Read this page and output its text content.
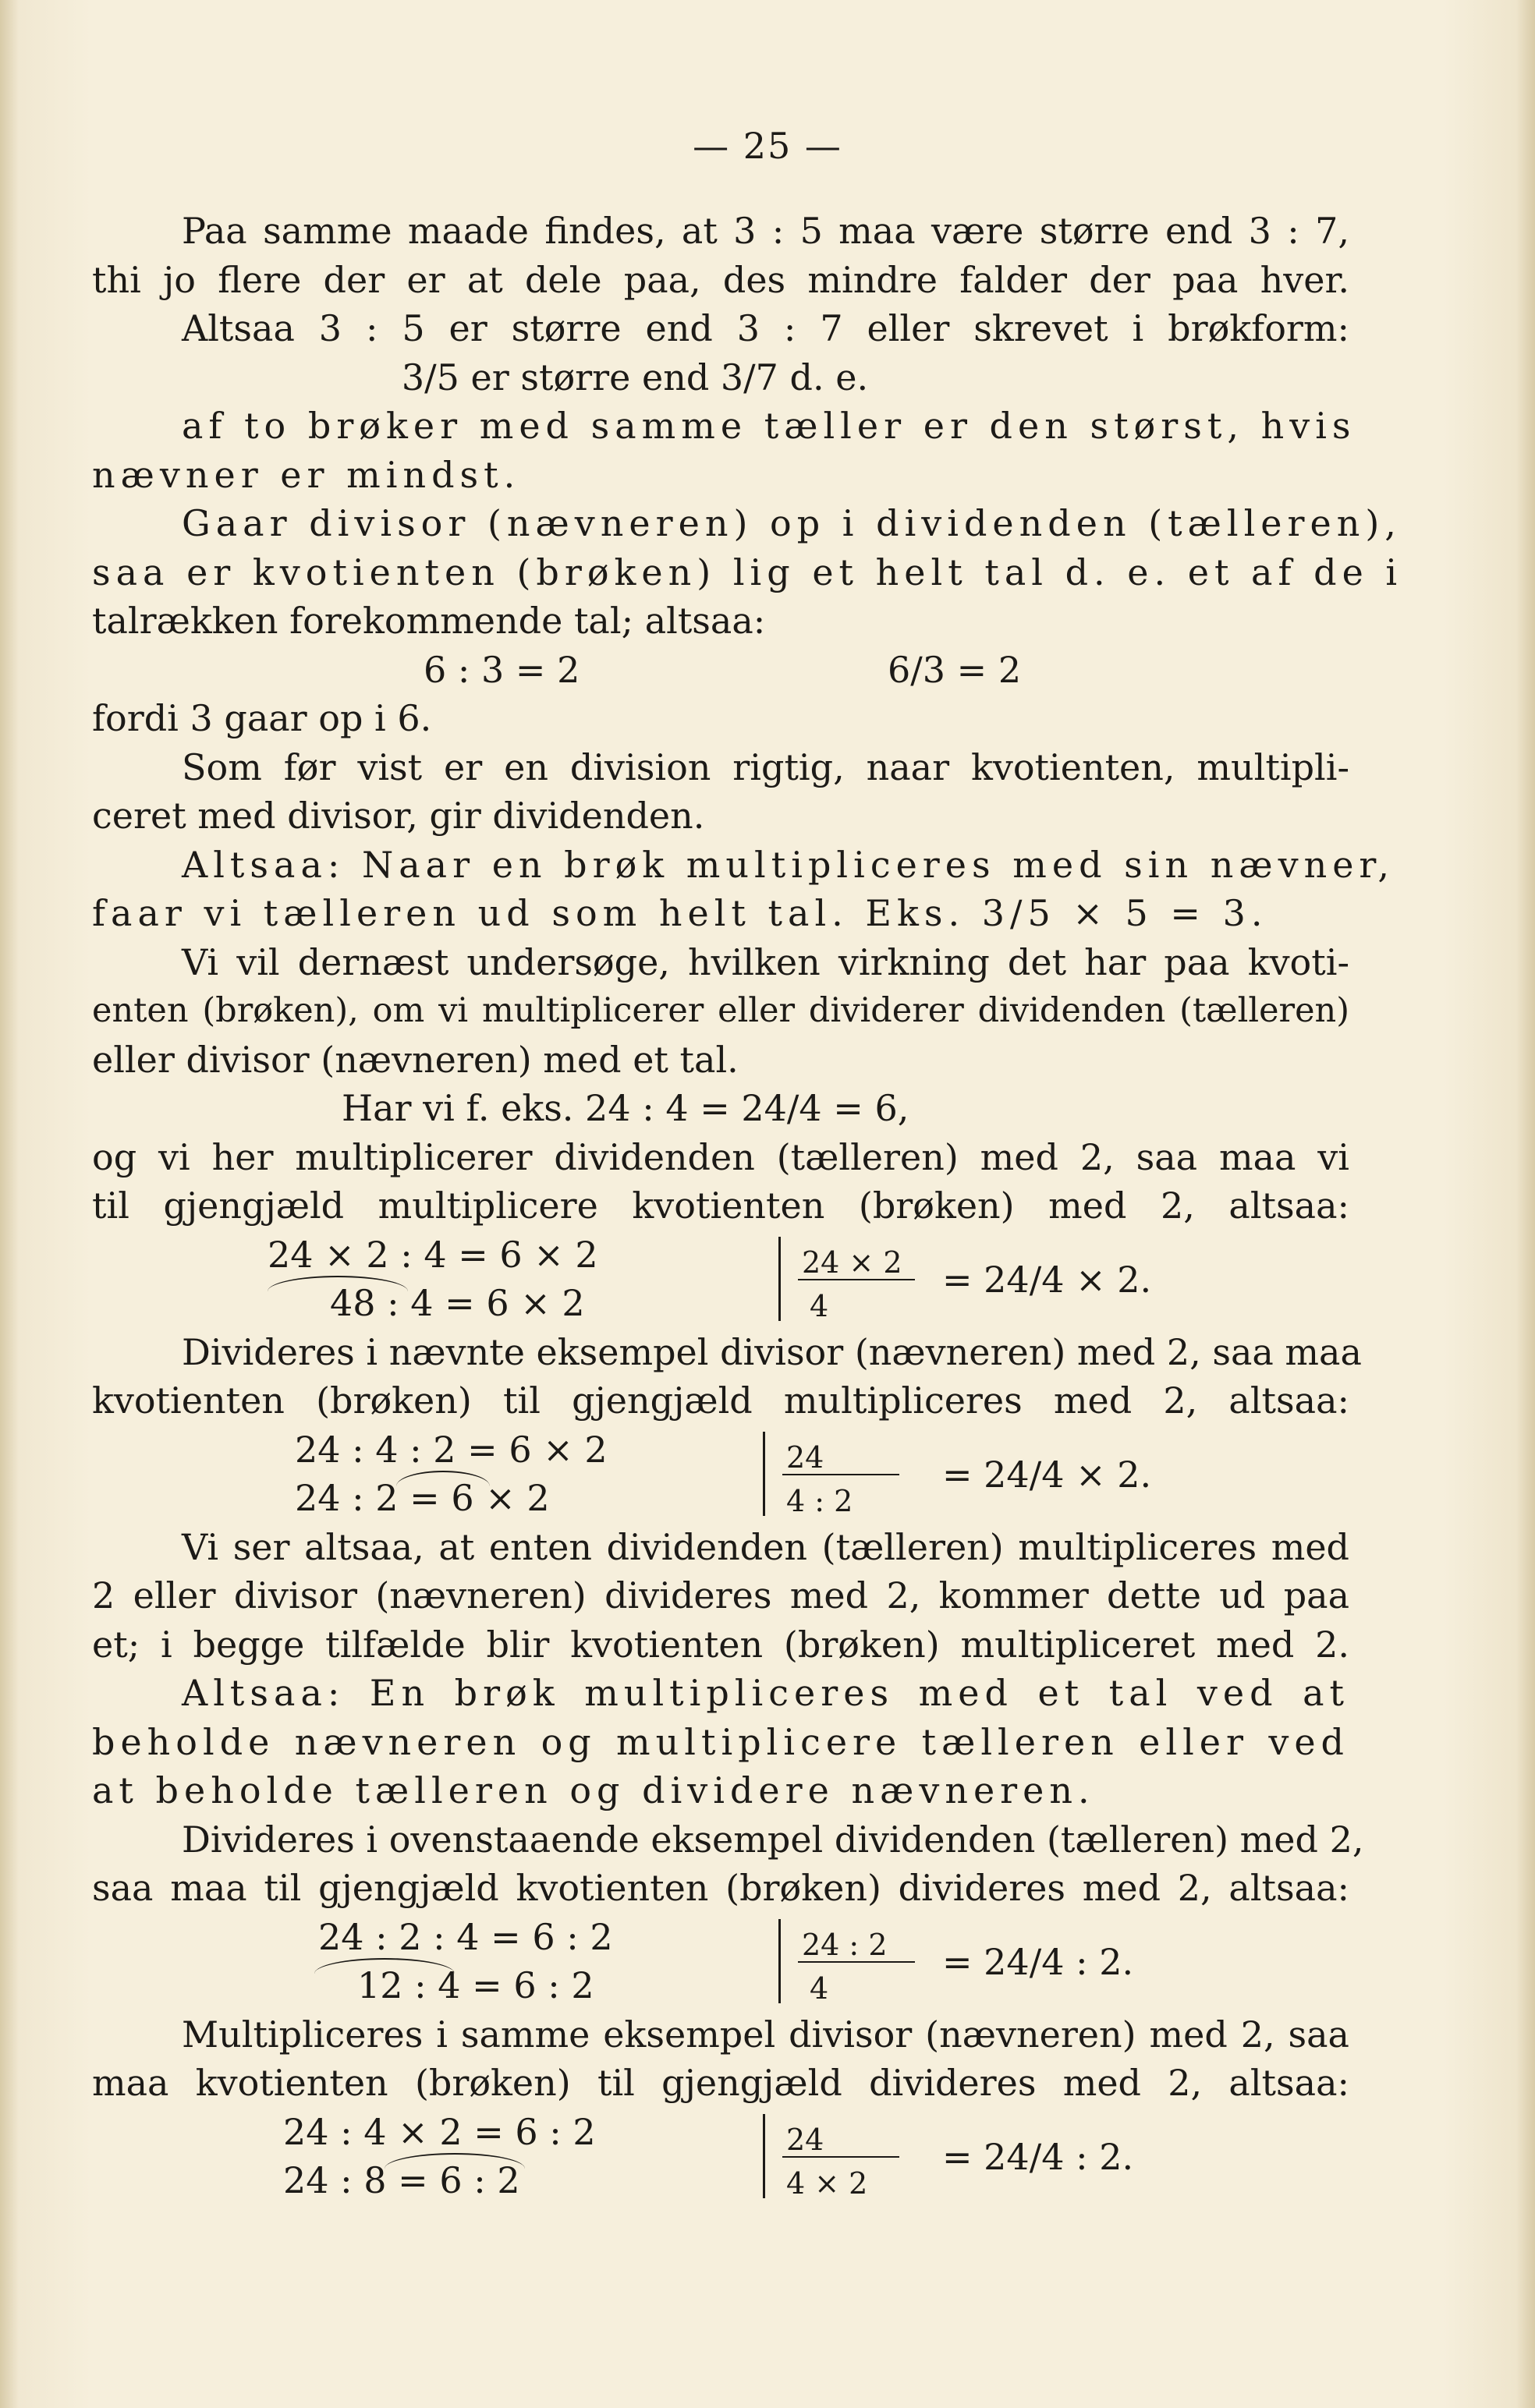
— 25 —
Paa samme maade findes, at 3 : 5 maa være større end 3 : 7,
thi jo flere der er at dele paa, des mindre falder der paa hver.
Altsaa 3 : 5 er større end 3 : 7 eller skrevet i brøkform:
3/5 er større end 3/7 d. e.
af to brøker med samme tæller er den størst, hvis
nævner er mindst.
Gaar divisor (nævneren) op i dividenden (tælleren),
saa er kvotienten (brøken) lig et helt tal d. e. et af de i
talrækken forekommende tal; altsaa:
6 : 3 = 2	6/3 = 2
fordi 3 gaar op i 6.
Som før vist er en division rigtig, naar kvotienten, multipli-
ceret med divisor, gir dividenden.
Altsaa: Naar en brøk multipliceres med sin nævner,
faar vi tælleren ud som helt tal. Eks. 3/5 × 5 = 3.
Vi vil dernæst undersøge, hvilken virkning det har paa kvoti-
enten (brøken), om vi multiplicerer eller dividerer dividenden (tælleren)
eller divisor (nævneren) med et tal.
Har vi f. eks. 24 : 4 = 24/4 = 6,
og vi her multiplicerer dividenden (tælleren) med 2, saa maa vi
til gjengjæld multiplicere kvotienten (brøken) med 2, altsaa:
24 × 2 : 4 = 6 × 2
48 : 4 = 6 × 2
24 × 2
4
= 24/4 × 2.
Divideres i nævnte eksempel divisor (nævneren) med 2, saa maa
kvotienten (brøken) til gjengjæld multipliceres med 2, altsaa:
24 : 4 : 2 = 6 × 2
24 : 2 = 6 × 2
24
4 : 2
= 24/4 × 2.
Vi ser altsaa, at enten dividenden (tælleren) multipliceres med
2 eller divisor (nævneren) divideres med 2, kommer dette ud paa
et; i begge tilfælde blir kvotienten (brøken) multipliceret med 2.
Altsaa: En brøk multipliceres med et tal ved at
beholde nævneren og multiplicere tælleren eller ved
at beholde tælleren og dividere nævneren.
Divideres i ovenstaaende eksempel dividenden (tælleren) med 2,
saa maa til gjengjæld kvotienten (brøken) divideres med 2, altsaa:
24 : 2 : 4 = 6 : 2
12 : 4 = 6 : 2
24 : 2
4
= 24/4 : 2.
Multipliceres i samme eksempel divisor (nævneren) med 2, saa
maa kvotienten (brøken) til gjengjæld divideres med 2, altsaa:
24 : 4 × 2 = 6 : 2
24 : 8 = 6 : 2
24
4 × 2
= 24/4 : 2.
